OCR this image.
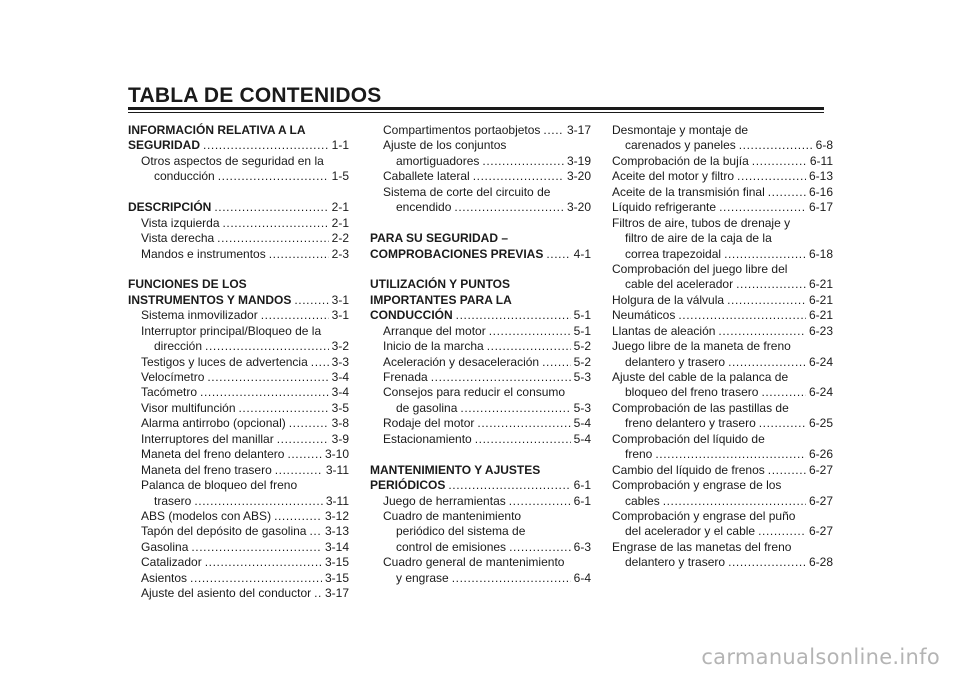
TABLA DE CONTENIDOS
INFORMACIÓN RELATIVA A LA
SEGURIDAD .....	1-1
Otros aspectos de seguridad en la
conducción .....	1-5
DESCRIPCIÓN .....	2-1
Vista izquierda .....	2-1
Vista derecha .....	2-2
Mandos e instrumentos .....	2-3
FUNCIONES DE LOS
INSTRUMENTOS Y MANDOS .....	3-1
Sistema inmovilizador .....	3-1
Interruptor principal/Bloqueo de la
dirección .....	3-2
Testigos y luces de advertencia ..... 3-3
Velocímetro .....	3-4
Tacómetro .....	3-4
Visor multifunción .....	3-5
Alarma antirrobo (opcional) .....	3-8
Interruptores del manillar .....	3-9
Maneta del freno delantero .....	3-10
Maneta del freno trasero .....	3-11
Palanca de bloqueo del freno
trasero .....	3-11
ABS (modelos con ABS) .....	3-12
Tapón del depósito de gasolina ..... 3-13
Gasolina .....	3-14
Catalizador .....	3-15
Asientos .....	3-15
Ajuste del asiento del conductor ..... 3-17
Compartimentos portaobjetos ..... 3-17
Ajuste de los conjuntos
amortiguadores .....	3-19
Caballete lateral .....	3-20
Sistema de corte del circuito de
encendido .....	3-20
PARA SU SEGURIDAD –
COMPROBACIONES PREVIAS .....	4-1
UTILIZACIÓN Y PUNTOS
IMPORTANTES PARA LA
CONDUCCIÓN .....	5-1
Arranque del motor .....	5-1
Inicio de la marcha .....	5-2
Aceleración y desaceleración .....	5-2
Frenada .....	5-3
Consejos para reducir el consumo
de gasolina .....	5-3
Rodaje del motor .....	5-4
Estacionamiento .....	5-4
MANTENIMIENTO Y AJUSTES
PERIÓDICOS .....	6-1
Juego de herramientas .....	6-1
Cuadro de mantenimiento
periódico del sistema de
control de emisiones .....	6-3
Cuadro general de mantenimiento
y engrase .....	6-4
Desmontaje y montaje de
carenados y paneles .....	6-8
Comprobación de la bujía .....	6-11
Aceite del motor y filtro .....	6-13
Aceite de la transmisión final .....	6-16
Líquido refrigerante .....	6-17
Filtros de aire, tubos de drenaje y
filtro de aire de la caja de la
correa trapezoidal .....	6-18
Comprobación del juego libre del
cable del acelerador .....	6-21
Holgura de la válvula .....	6-21
Neumáticos .....	6-21
Llantas de aleación .....	6-23
Juego libre de la maneta de freno
delantero y trasero .....	6-24
Ajuste del cable de la palanca de
bloqueo del freno trasero .....	6-24
Comprobación de las pastillas de
freno delantero y trasero .....	6-25
Comprobación del líquido de
freno .....	6-26
Cambio del líquido de frenos .....	6-27
Comprobación y engrase de los
cables .....	6-27
Comprobación y engrase del puño
del acelerador y el cable .....	6-27
Engrase de las manetas del freno
delantero y trasero .....	6-28
carmanualsonline.info
